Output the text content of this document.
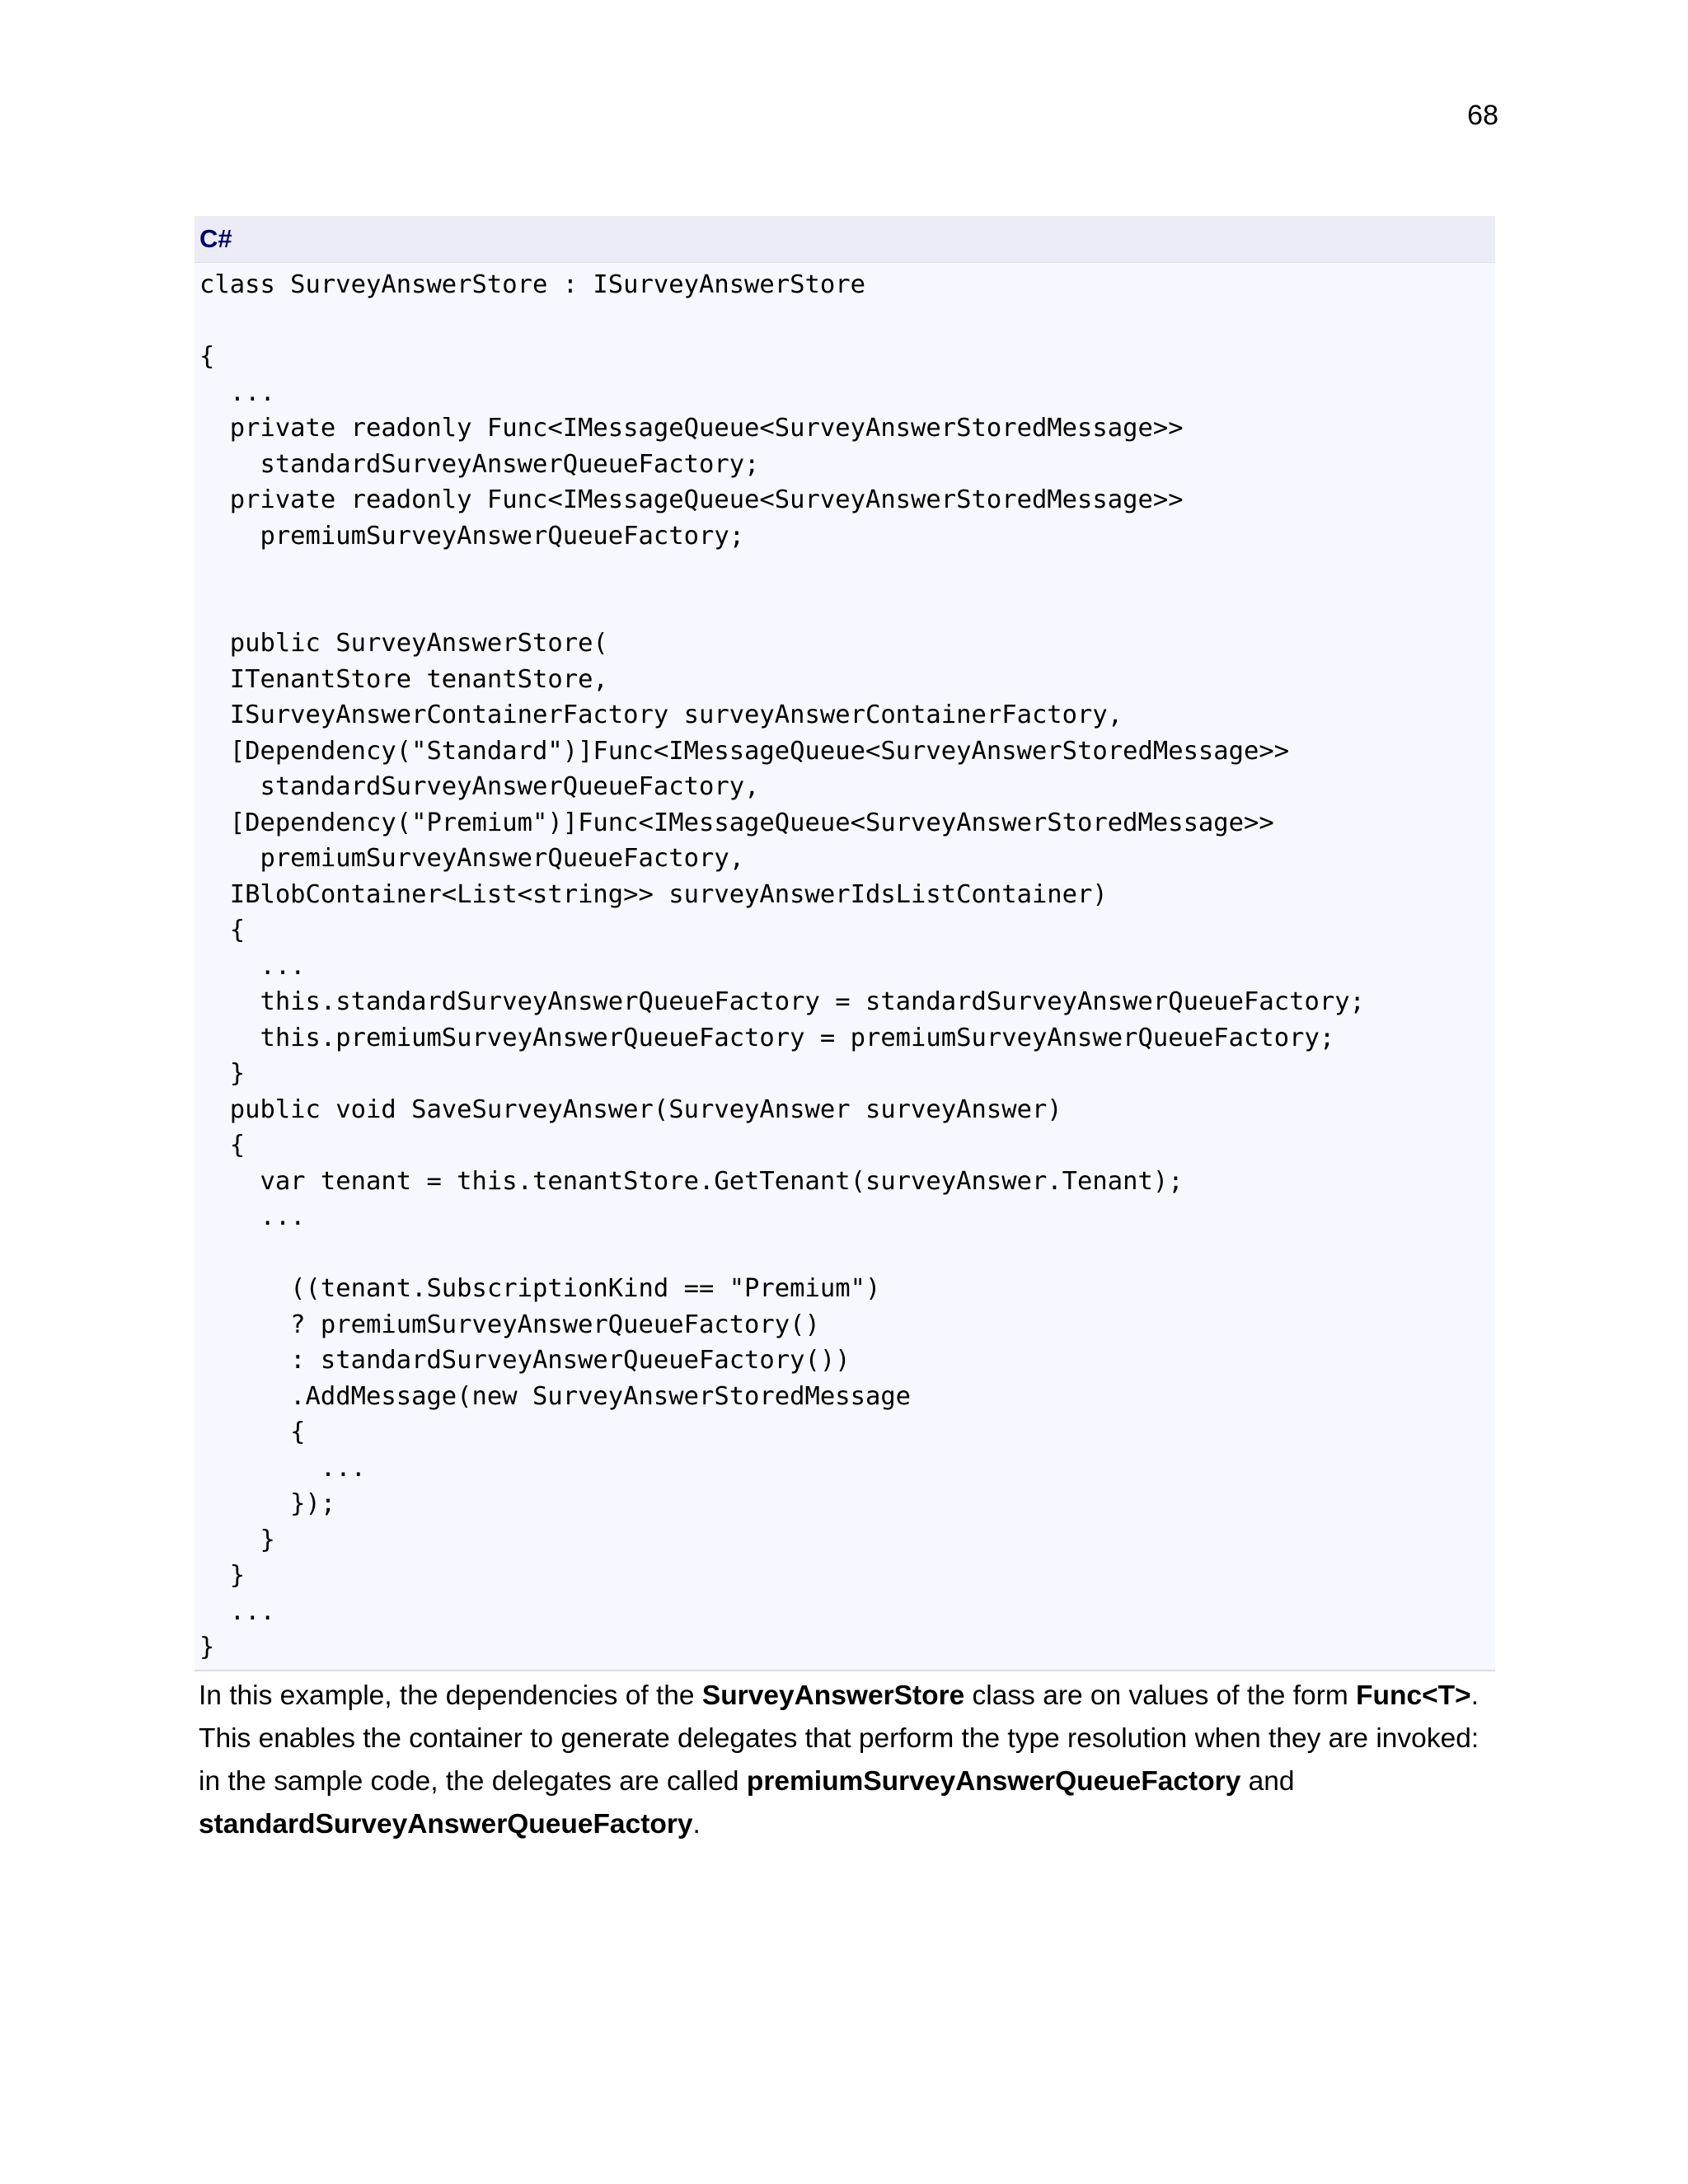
68
C#
class SurveyAnswerStore : ISurveyAnswerStore
{
...
private readonly Func<IMessageQueue<SurveyAnswerStoredMessage>>
standardSurveyAnswerQueueFactory;
private readonly Func<IMessageQueue<SurveyAnswerStoredMessage>>
premiumSurveyAnswerQueueFactory;
public SurveyAnswerStore(
ITenantStore tenantStore,
ISurveyAnswerContainerFactory surveyAnswerContainerFactory,
[Dependency("Standard")]Func<IMessageQueue<SurveyAnswerStoredMessage>>
standardSurveyAnswerQueueFactory,
[Dependency("Premium")]Func<IMessageQueue<SurveyAnswerStoredMessage>>
premiumSurveyAnswerQueueFactory,
IBlobContainer<List<string>> surveyAnswerIdsListContainer)
{
...
this.standardSurveyAnswerQueueFactory = standardSurveyAnswerQueueFactory;
this.premiumSurveyAnswerQueueFactory = premiumSurveyAnswerQueueFactory;
}
public void SaveSurveyAnswer(SurveyAnswer surveyAnswer)
{
var tenant = this.tenantStore.GetTenant(surveyAnswer.Tenant);
...
((tenant.SubscriptionKind == "Premium")
? premiumSurveyAnswerQueueFactory()
: standardSurveyAnswerQueueFactory())
.AddMessage(new SurveyAnswerStoredMessage
{
...
});
}
}
...
}

In this example, the dependencies of the SurveyAnswerStore class are on values of the form Func<T>. This enables the container to generate delegates that perform the type resolution when they are invoked: in the sample code, the delegates are called premiumSurveyAnswerQueueFactory and standardSurveyAnswerQueueFactory.
